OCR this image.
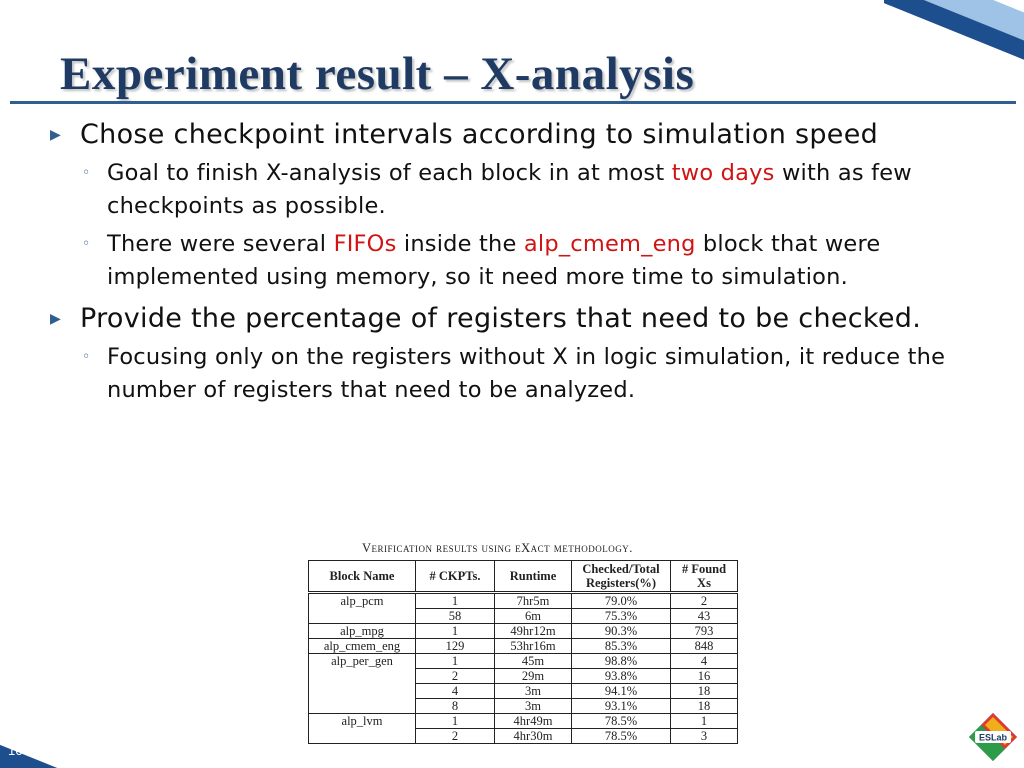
Experiment result – X-analysis
▶ Chose checkpoint intervals according to simulation speed
◦ Goal to finish X-analysis of each block in at most two days with as few checkpoints as possible.
◦ There were several FIFOs inside the alp_cmem_eng block that were implemented using memory, so it need more time to simulation.
▶ Provide the percentage of registers that need to be checked.
◦ Focusing only on the registers without X in logic simulation, it reduce the number of registers that need to be analyzed.
Verification results using eXact methodology.
Block Name	# CKPTs.	Runtime	Checked/Total Registers(%)	# Found Xs
alp_pcm	1	7hr5m	79.0%	2
	58	6m	75.3%	43
alp_mpg	1	49hr12m	90.3%	793
alp_cmem_eng	129	53hr16m	85.3%	848
alp_per_gen	1	45m	98.8%	4
	2	29m	93.8%	16
	4	3m	94.1%	18
	8	3m	93.1%	18
alp_lvm	1	4hr49m	78.5%	1
	2	4hr30m	78.5%	3	ESLab
16
